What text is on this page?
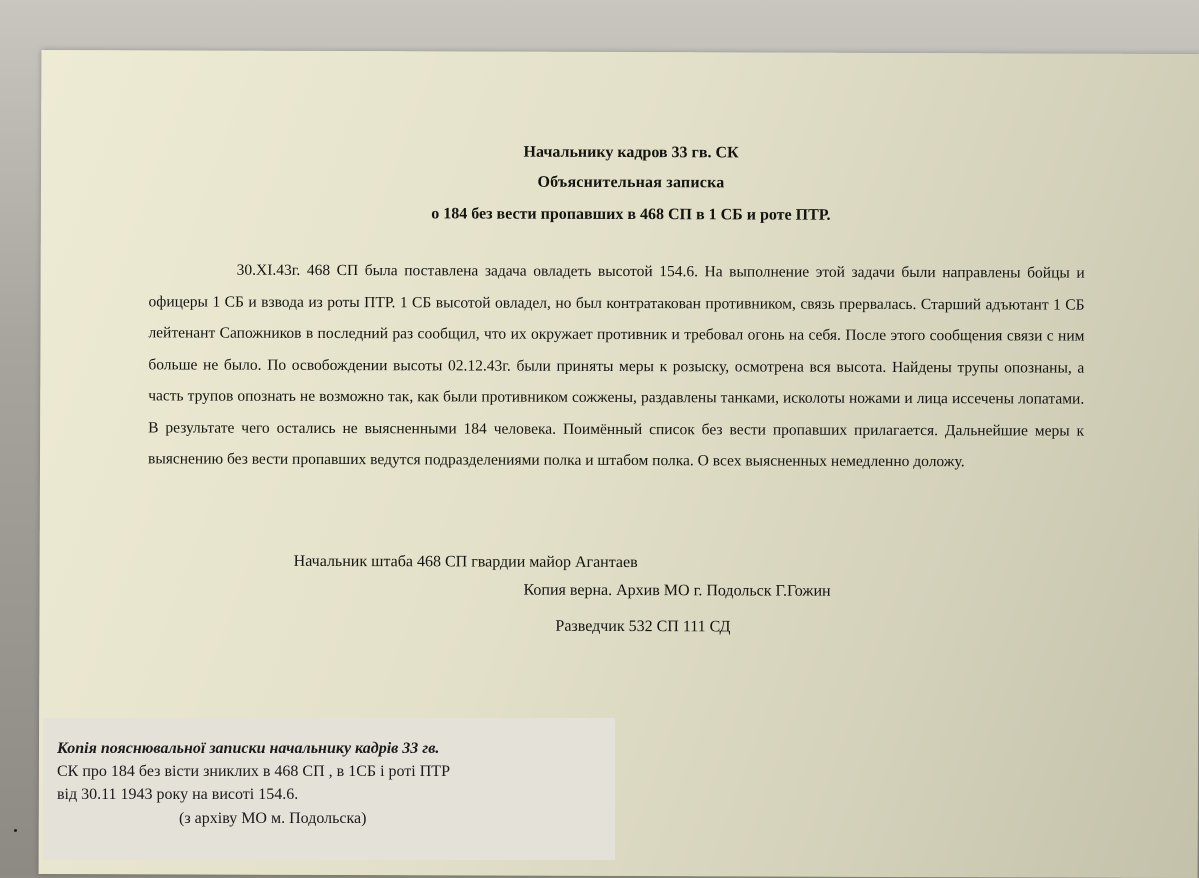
Начальнику кадров 33 гв. СК

Объяснительная записка

о 184 без вести пропавших в 468 СП в 1 СБ и роте ПТР.

30.XI.43г. 468 СП была поставлена задача овладеть высотой 154.6. На выполнение этой задачи были направлены бойцы и офицеры 1 СБ и взвода из роты ПТР. 1 СБ высотой овладел, но был контратакован противником, связь прервалась. Старший адъютант 1 СБ лейтенант Сапожников в последний раз сообщил, что их окружает противник и требовал огонь на себя. После этого сообщения связи с ним больше не было. По освобождении высоты 02.12.43г. были приняты меры к розыску, осмотрена вся высота. Найдены трупы опознаны, а часть трупов опознать не возможно так, как были противником сожжены, раздавлены танками, исколоты ножами и лица иссечены лопатами. В результате чего остались не выясненными 184 человека. Поимённый список без вести пропавших прилагается. Дальнейшие меры к выяснению без вести пропавших ведутся подразделениями полка и штабом полка. О всех выясненных немедленно доложу.

Начальник штаба 468 СП гвардии майор Агантаев

Копия верна. Архив МО г. Подольск Г.Гожин

Разведчик 532 СП 111 СД

Копія пояснювальної записки начальнику кадрів 33 гв.

СК про 184 без вісти зниклих в 468 СП , в 1СБ і роті ПТР

від 30.11 1943 року на висоті 154.6.

(з архіву МО м. Подольска)
